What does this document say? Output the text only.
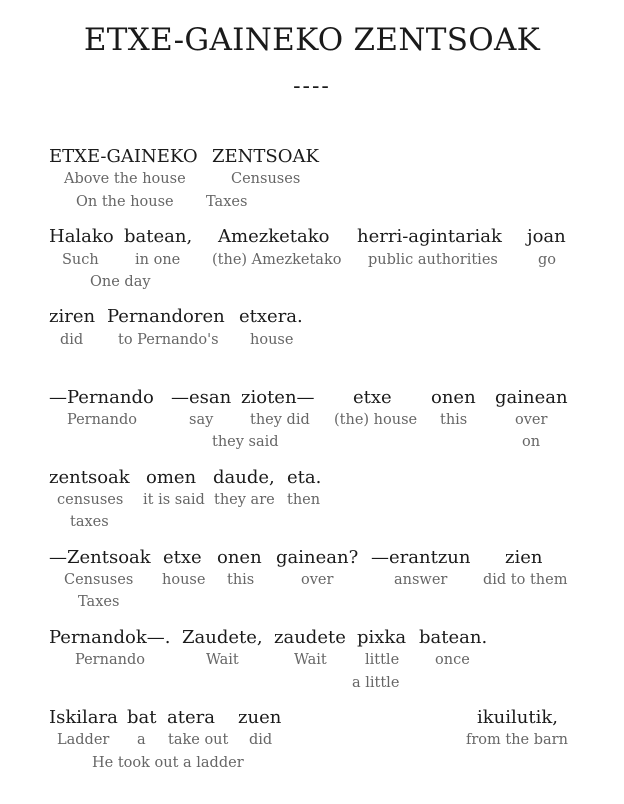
ETXE-GAINEKO ZENTSOAK
----
ETXE-GAINEKO ZENTSOAK
Above the house	Censuses
On the house Taxes
Halako batean, Amezketako herri-agintariak joan
Such	in one (the) Amezketako public authorities	go
One day
ziren Pernandoren etxera.
did to Pernando's house
—Pernando —esan zioten— etxe onen gainean
Pernando	say	they did (the) house this	over
they said	on
zentsoak omen daude, eta.
censuses it is said they are then
taxes
—Zentsoak etxe onen gainean? —erantzun zien
Censuses house this	over	answer did to them
Taxes
Pernandok—. Zaudete, zaudete pixka batean.
Pernando	Wait	Wait	little once
a little
Iskilara bat atera zuen	ikuilutik,
Ladder a take out did	from the barn
He took out a ladder
